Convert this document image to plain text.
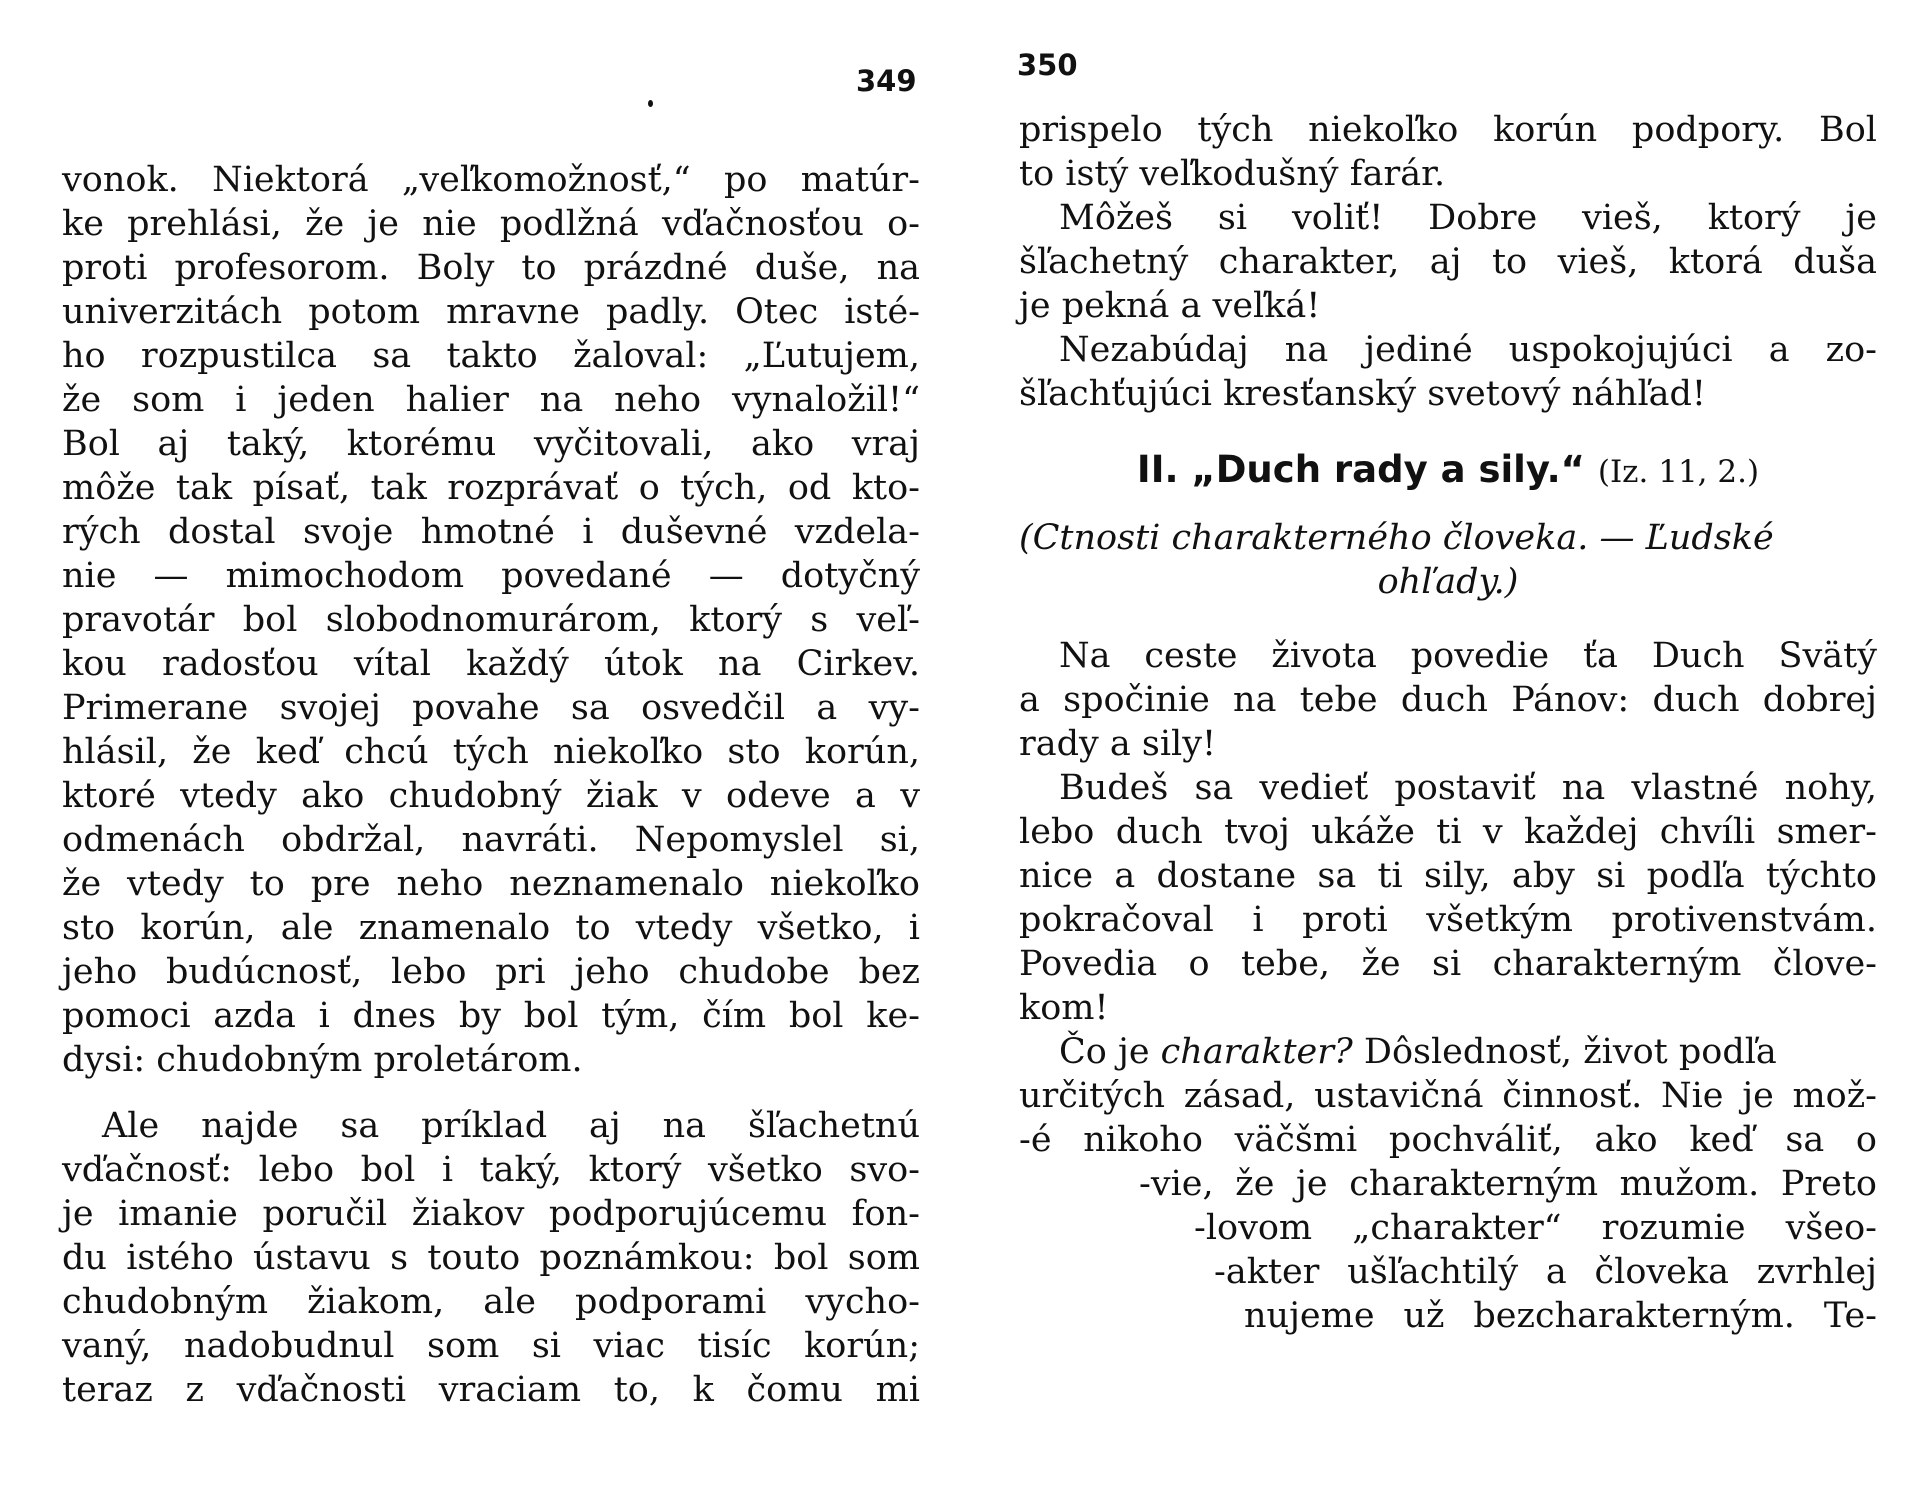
349
vonok. Niektorá „veľkomožnosť,“ po matúr-
ke prehlási, že je nie podlžná vďačnosťou o-
proti profesorom. Boly to prázdné duše, na
univerzitách potom mravne padly. Otec isté-
ho rozpustilca sa takto žaloval: „Ľutujem,
že som i jeden halier na neho vynaložil!“
Bol aj taký, ktorému vyčitovali, ako vraj
môže tak písať, tak rozprávať o tých, od kto-
rých dostal svoje hmotné i duševné vzdela-
nie — mimochodom povedané — dotyčný
pravotár bol slobodnomurárom, ktorý s veľ-
kou radosťou vítal každý útok na Cirkev.
Primerane svojej povahe sa osvedčil a vy-
hlásil, že keď chcú tých niekoľko sto korún,
ktoré vtedy ako chudobný žiak v odeve a v
odmenách obdržal, navráti. Nepomyslel si,
že vtedy to pre neho neznamenalo niekoľko
sto korún, ale znamenalo to vtedy všetko, i
jeho budúcnosť, lebo pri jeho chudobe bez
pomoci azda i dnes by bol tým, čím bol ke-
dysi: chudobným proletárom.
Ale najde sa príklad aj na šľachetnú
vďačnosť: lebo bol i taký, ktorý všetko svo-
je imanie poručil žiakov podporujúcemu fon-
du istého ústavu s touto poznámkou: bol som
chudobným žiakom, ale podporami vycho-
vaný, nadobudnul som si viac tisíc korún;
teraz z vďačnosti vraciam to, k čomu mi
350
prispelo tých niekoľko korún podpory. Bol
to istý veľkodušný farár.
Môžeš si voliť! Dobre vieš, ktorý je
šľachetný charakter, aj to vieš, ktorá duša
je pekná a veľká!
Nezabúdaj na jediné uspokojujúci a zo-
šľachťujúci kresťanský svetový náhľad!
II. „Duch rady a sily.“ (Iz. 11, 2.)
(Ctnosti charakterného človeka. — Ľudské
ohľady.)
Na ceste života povedie ťa Duch Svätý
a spočinie na tebe duch Pánov: duch dobrej
rady a sily!
Budeš sa vedieť postaviť na vlastné nohy,
lebo duch tvoj ukáže ti v každej chvíli smer-
nice a dostane sa ti sily, aby si podľa týchto
pokračoval i proti všetkým protivenstvám.
Povedia o tebe, že si charakterným člove-
kom!
Čo je charakter? Dôslednosť, život podľa
určitých zásad, ustavičná činnosť. Nie je mož-
-é nikoho väčšmi pochváliť, ako keď sa o
-vie, že je charakterným mužom. Preto
-lovom „charakter“ rozumie všeo-
-akter ušľachtilý a človeka zvrhlej
nujeme už bezcharakterným. Te-
